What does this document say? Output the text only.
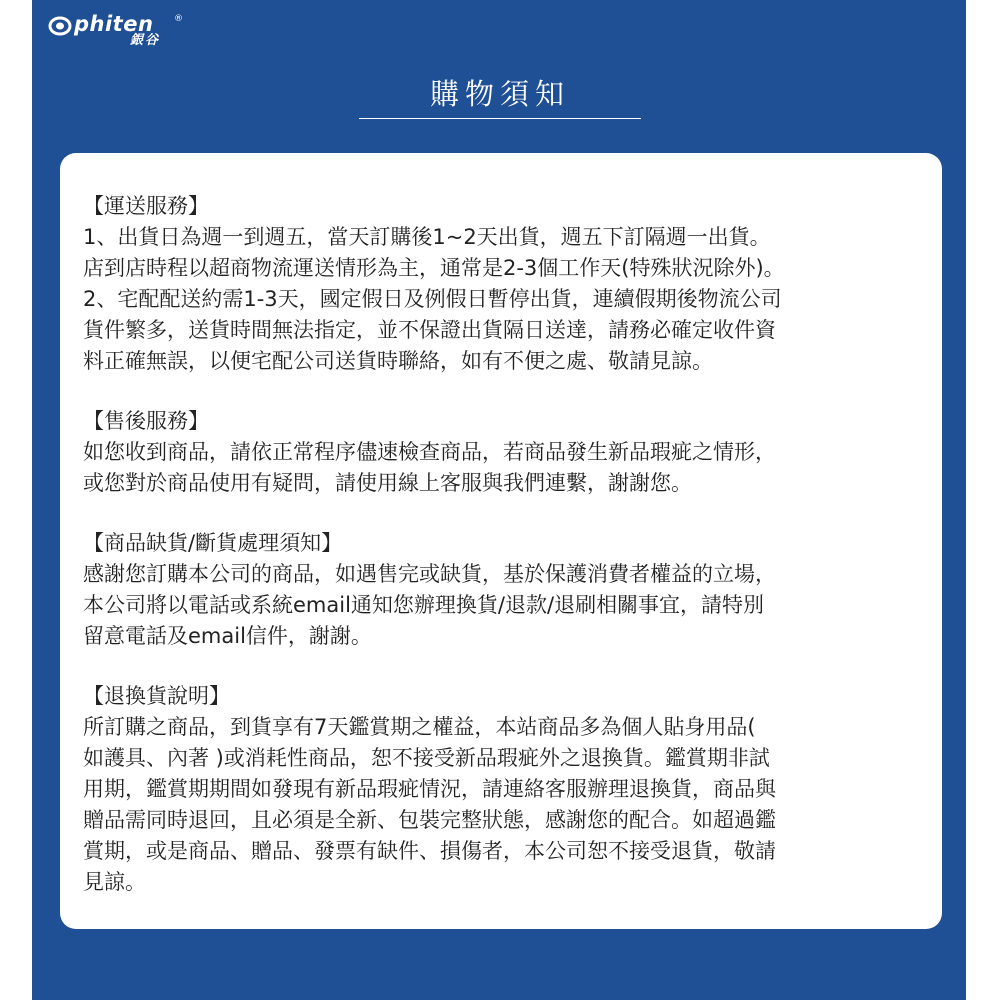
phiten ®
銀谷
購物須知
【運送服務】
1、出貨日為週一到週五，當天訂購後1~2天出貨，週五下訂隔週一出貨。
店到店時程以超商物流運送情形為主，通常是2-3個工作天(特殊狀況除外)。
2、宅配配送約需1-3天，國定假日及例假日暫停出貨，連續假期後物流公司
貨件繁多，送貨時間無法指定，並不保證出貨隔日送達，請務必確定收件資
料正確無誤，以便宅配公司送貨時聯絡，如有不便之處、敬請見諒。
【售後服務】
如您收到商品，請依正常程序儘速檢查商品，若商品發生新品瑕疵之情形，
或您對於商品使用有疑問，請使用線上客服與我們連繫，謝謝您。
【商品缺貨/斷貨處理須知】
感謝您訂購本公司的商品，如遇售完或缺貨，基於保護消費者權益的立場，
本公司將以電話或系統email通知您辦理換貨/退款/退刷相關事宜，請特別
留意電話及email信件，謝謝。
【退換貨說明】
所訂購之商品，到貨享有7天鑑賞期之權益，本站商品多為個人貼身用品(
如護具、內著 )或消耗性商品，恕不接受新品瑕疵外之退換貨。鑑賞期非試
用期，鑑賞期期間如發現有新品瑕疵情況，請連絡客服辦理退換貨，商品與
贈品需同時退回，且必須是全新、包裝完整狀態，感謝您的配合。如超過鑑
賞期，或是商品、贈品、發票有缺件、損傷者，本公司恕不接受退貨，敬請
見諒。
